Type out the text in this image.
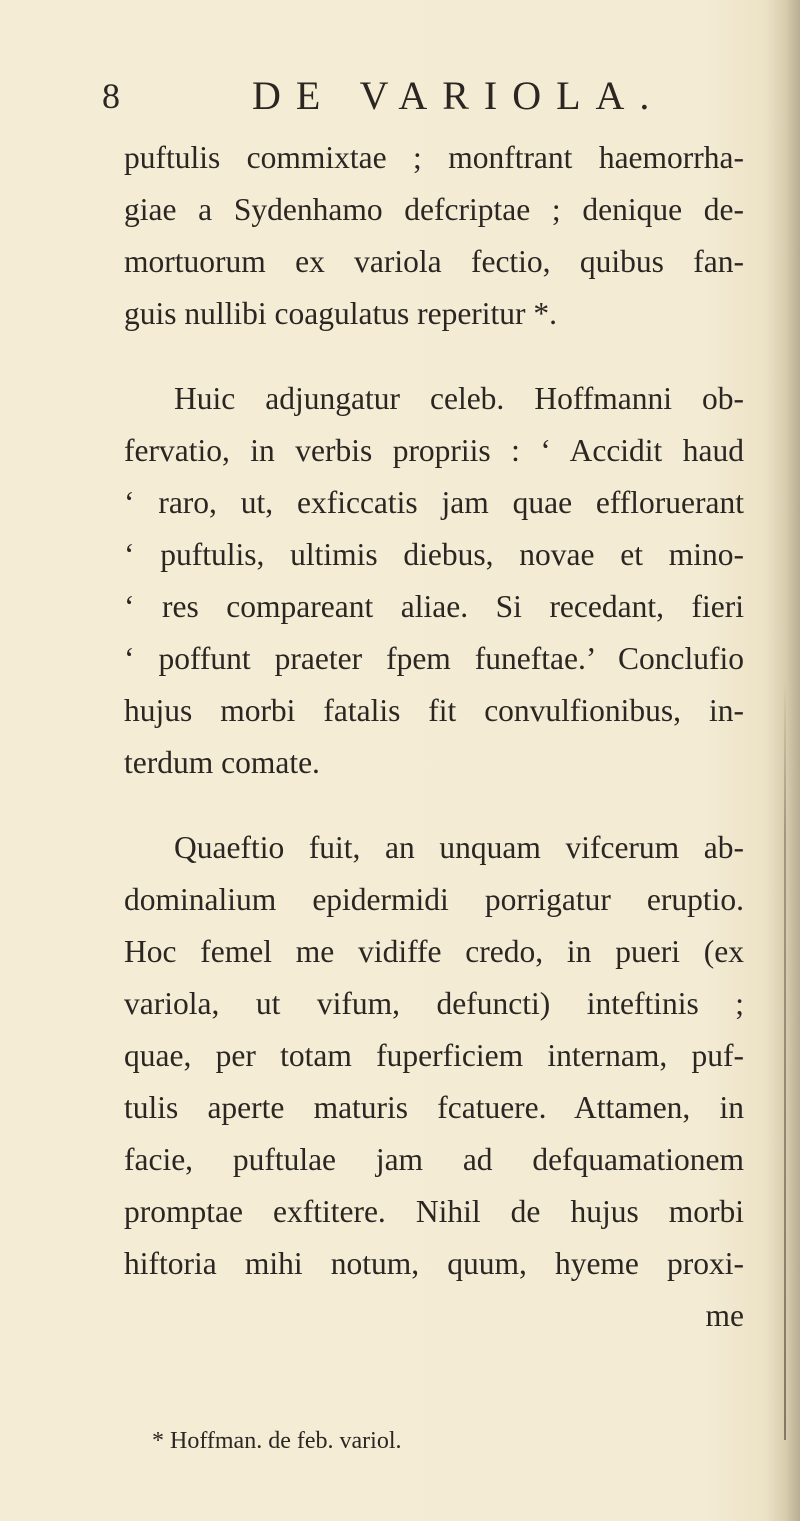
8	DE VARIOLA.
puftulis commixtae ; monftrant haemorrha-
giae a Sydenhamo defcriptae ; denique de-
mortuorum ex variola fectio, quibus fan-
guis nullibi coagulatus reperitur *.
Huic adjungatur celeb. Hoffmanni ob-
fervatio, in verbis propriis : ‘ Accidit haud
‘ raro, ut, exficcatis jam quae effloruerant
‘ puftulis, ultimis diebus, novae et mino-
‘ res compareant aliae. Si recedant, fieri
‘ poffunt praeter fpem funeftae.’ Conclufio
hujus morbi fatalis fit convulfionibus, in-
terdum comate.
Quaeftio fuit, an unquam vifcerum ab-
dominalium epidermidi porrigatur eruptio.
Hoc femel me vidiffe credo, in pueri (ex
variola, ut vifum, defuncti) inteftinis ;
quae, per totam fuperficiem internam, puf-
tulis aperte maturis fcatuere. Attamen, in
facie, puftulae jam ad defquamationem
promptae exftitere. Nihil de hujus morbi
hiftoria mihi notum, quum, hyeme proxi-
me
* Hoffman. de feb. variol.
